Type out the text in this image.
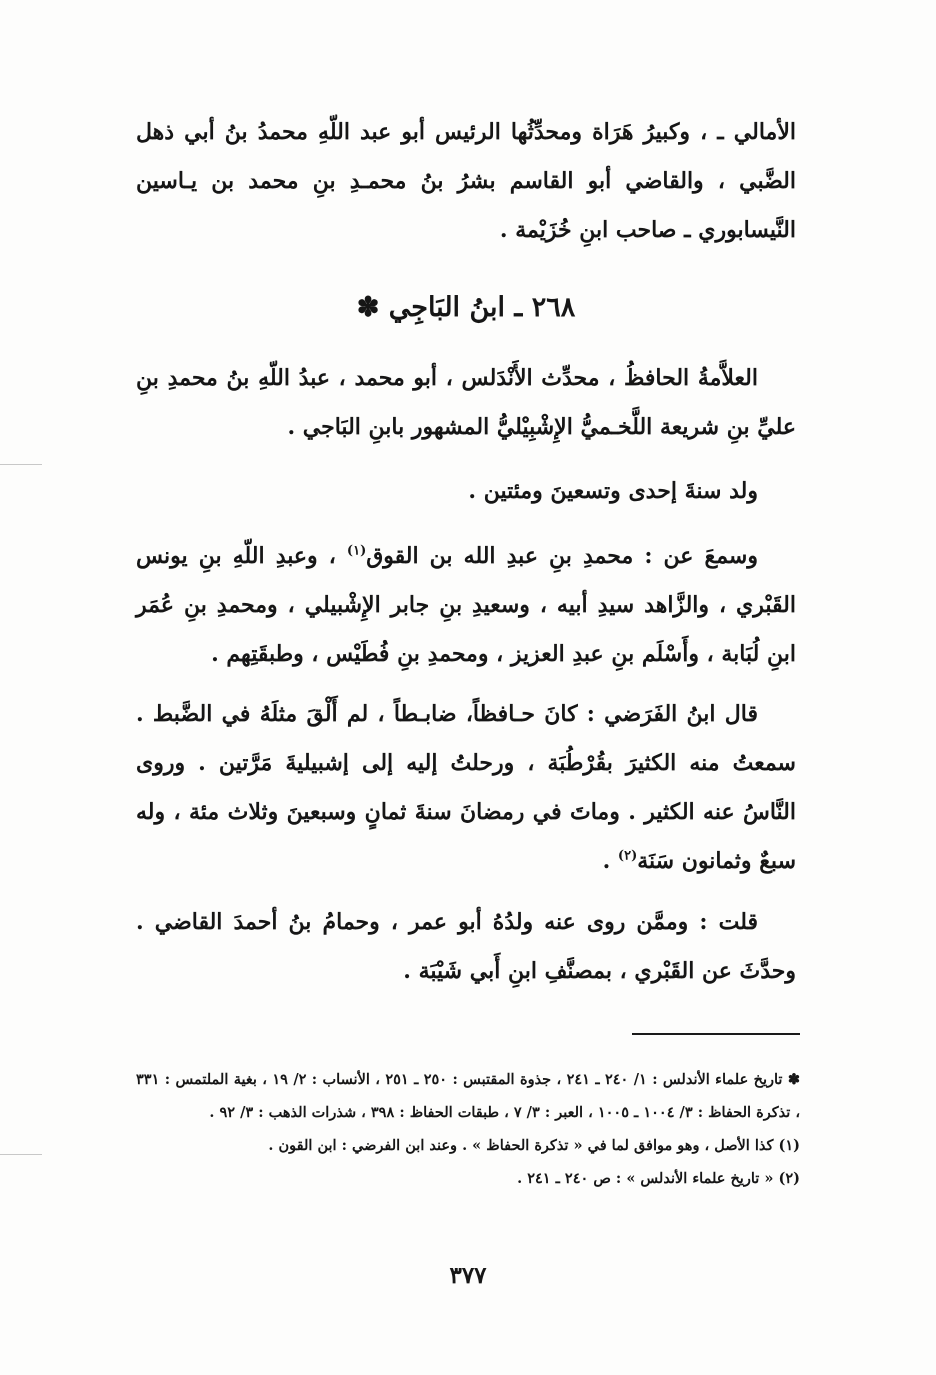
الأمالي ـ ، وكبيرُ هَرَاة ومحدِّثُها الرئيس أبو عبد اللّهِ محمدُ بنُ أبي ذهل الضَّبي ، والقاضي أبو القاسم بشرُ بنُ محمـدِ بنِ محمد بن يـاسين النَّيسابوري ـ صاحب ابنِ خُزَيْمة .

٢٦٨ ـ ابنُ البَاجِي ✽

العلاَّمةُ الحافظُ ، محدِّث الأَنْدَلس ، أبو محمد ، عبدُ اللّهِ بنُ محمدِ بنِ عليِّ بنِ شريعة اللَّخـميُّ الإِشْبِيْليُّ المشهور بابنِ البَاجي .

ولد سنةَ إحدى وتسعينَ ومئتين .

وسمعَ عن : محمدِ بنِ عبدِ الله بن القوق$^{(١)}$ ، وعبدِ اللّهِ بنِ يونس القَبْري ، والزَّاهد سيدِ أبيه ، وسعيدِ بنِ جابر الإِشْبيلي ، ومحمدِ بنِ عُمَر ابنِ لُبَابة ، وأَسْلَم بنِ عبدِ العزيز ، ومحمدِ بنِ فُطَيْس ، وطبقَتِهم .

قال ابنُ الفَرَضي : كانَ حـافظاً، ضابـطاً ، لم أَلْقَ مثلَهُ في الضَّبط . سمعتُ منه الكثيرَ بقُرْطُبَة ، ورحلتُ إليه إلى إشبيليةَ مَرَّتين . وروى النَّاسُ عنه الكثير . وماتَ في رمضانَ سنةَ ثمانٍ وسبعينَ وثلاث مئة ، وله سبعٌ وثمانون سَنَة$^{(٢)}$ .

قلت : وممَّن روى عنه ولدُهُ أبو عمر ، وحمامُ بنُ أحمدَ القاضي . وحدَّثَ عن القَبْري ، بمصنَّفِ ابنِ أَبي شَيْبَة .

✽ تاريخ علماء الأندلس : ١/ ٢٤٠ ـ ٢٤١ ، جذوة المقتبس : ٢٥٠ ـ ٢٥١ ، الأنساب : ٢/ ١٩ ، بغية الملتمس : ٣٣١ ، تذكرة الحفاظ : ٣/ ١٠٠٤ ـ ١٠٠٥ ، العبر : ٣/ ٧ ، طبقات الحفاظ : ٣٩٨ ، شذرات الذهب : ٣/ ٩٢ .

(١) كذا الأصل ، وهو موافق لما في « تذكرة الحفاظ » . وعند ابن الفرضي : ابن القون .

(٢) « تاريخ علماء الأندلس » : ص ٢٤٠ ـ ٢٤١ .

٣٧٧
